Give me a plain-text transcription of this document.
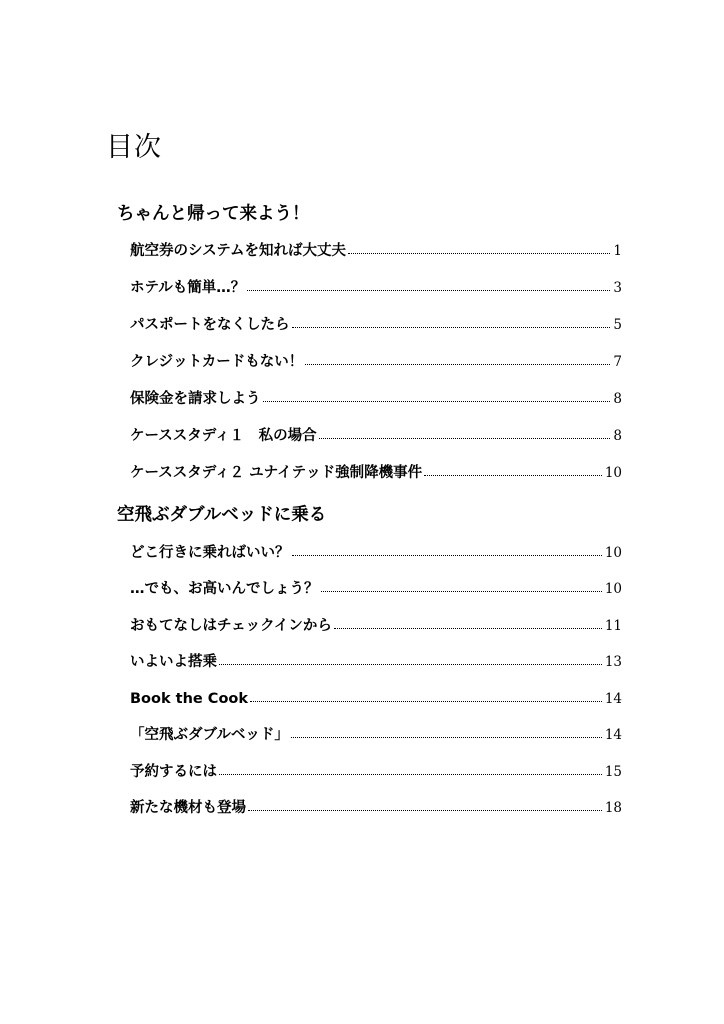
目次
ちゃんと帰って来よう！
航空券のシステムを知れば大丈夫	1
ホテルも簡単…？	3
パスポートをなくしたら	5
クレジットカードもない！	7
保険金を請求しよう	8
ケーススタディ１　私の場合	8
ケーススタディ２ ユナイテッド強制降機事件	10
空飛ぶダブルベッドに乗る
どこ行きに乗ればいい？	10
…でも、お高いんでしょう？	10
おもてなしはチェックインから	11
いよいよ搭乗	13
Book the Cook	14
「空飛ぶダブルベッド」	14
予約するには	15
新たな機材も登場	18
